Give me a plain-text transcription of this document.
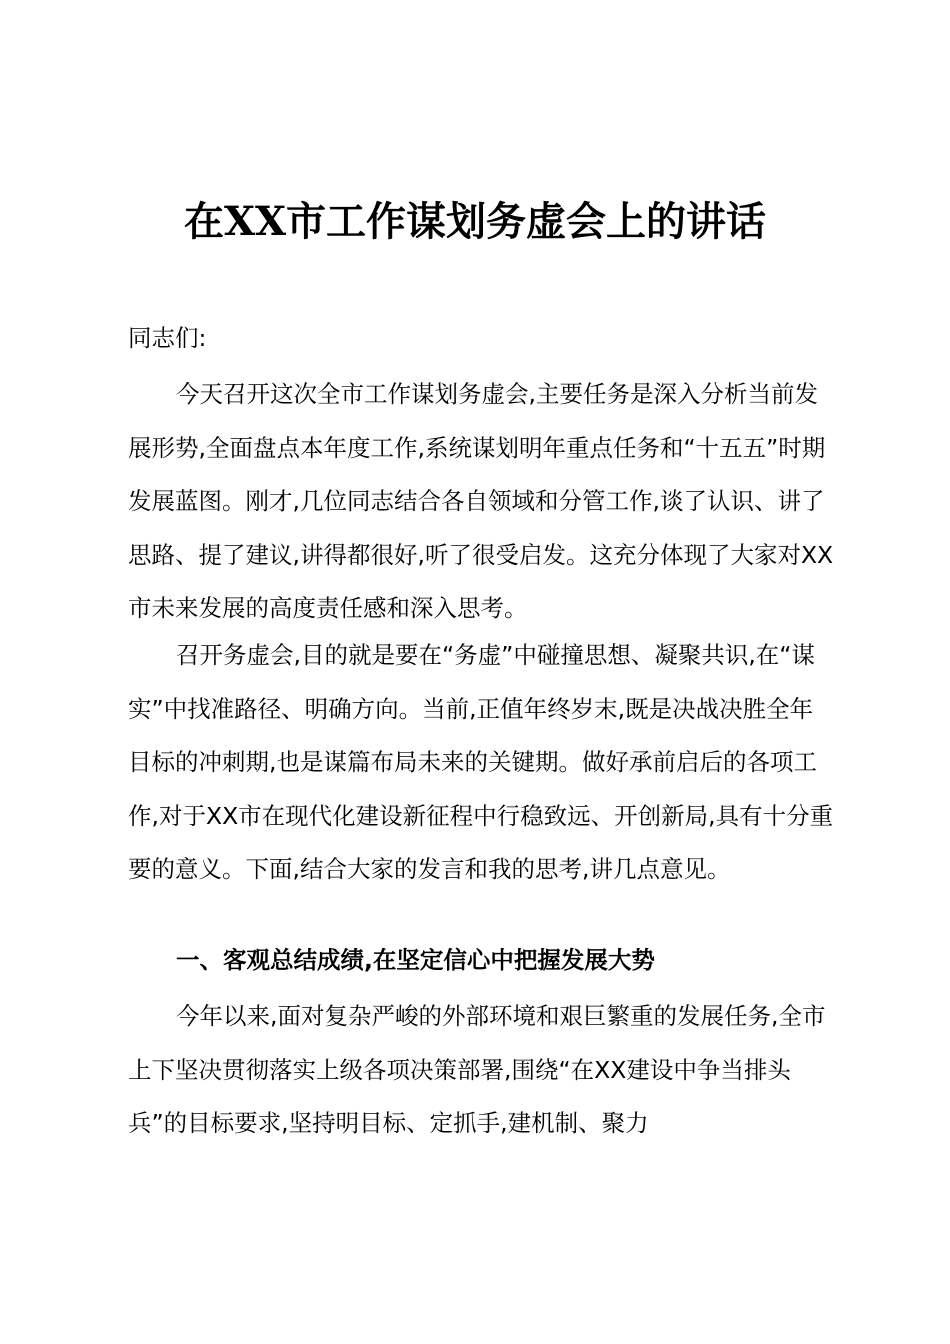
在XX市工作谋划务虚会上的讲话

同志们:

今天召开这次全市工作谋划务虚会,主要任务是深入分析当前发展形势,全面盘点本年度工作,系统谋划明年重点任务和“十五五”时期发展蓝图。刚才,几位同志结合各自领域和分管工作,谈了认识、讲了思路、提了建议,讲得都很好,听了很受启发。这充分体现了大家对XX市未来发展的高度责任感和深入思考。

召开务虚会,目的就是要在“务虚”中碰撞思想、凝聚共识,在“谋实”中找准路径、明确方向。当前,正值年终岁末,既是决战决胜全年目标的冲刺期,也是谋篇布局未来的关键期。做好承前启后的各项工作,对于XX市在现代化建设新征程中行稳致远、开创新局,具有十分重要的意义。下面,结合大家的发言和我的思考,讲几点意见。

一、客观总结成绩,在坚定信心中把握发展大势

今年以来,面对复杂严峻的外部环境和艰巨繁重的发展任务,全市上下坚决贯彻落实上级各项决策部署,围绕“在XX建设中争当排头兵”的目标要求,坚持明目标、定抓手,建机制、聚力
